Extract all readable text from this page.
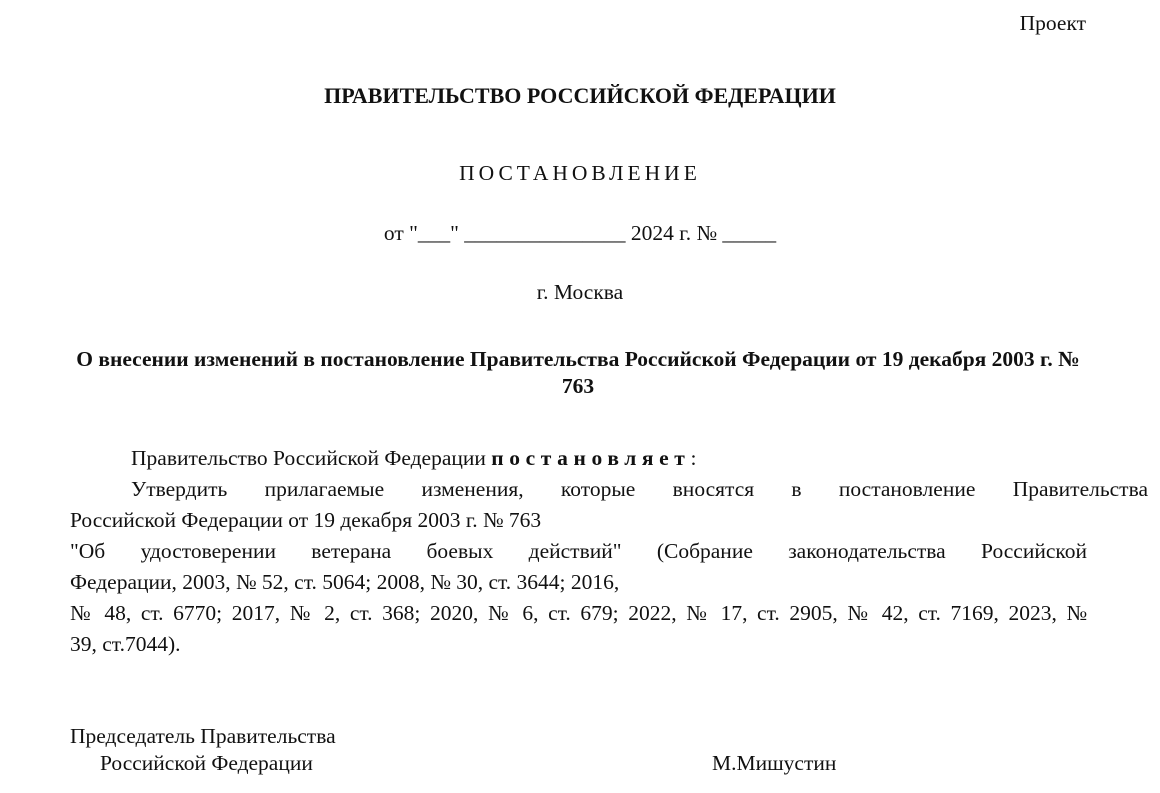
Проект
ПРАВИТЕЛЬСТВО РОССИЙСКОЙ ФЕДЕРАЦИИ
ПОСТАНОВЛЕНИЕ
от "___" _______________ 2024 г. № _____
г. Москва
О внесении изменений в постановление Правительства Российской Федерации от 19 декабря 2003 г. № 763
Правительство Российской Федерации постановляет:
Утвердить прилагаемые изменения, которые вносятся в постановление Правительства
Российской Федерации от 19 декабря 2003 г. № 763
"Об удостоверении ветерана боевых действий" (Собрание законодательства Российской
Федерации, 2003, № 52, ст. 5064; 2008, № 30, ст. 3644; 2016,
№ 48, ст. 6770; 2017, № 2, ст. 368; 2020, № 6, ст. 679; 2022, № 17, ст. 2905, № 42, ст. 7169, 2023, №
39, ст.7044).
Председатель Правительства
Российской Федерации	М.Мишустин
